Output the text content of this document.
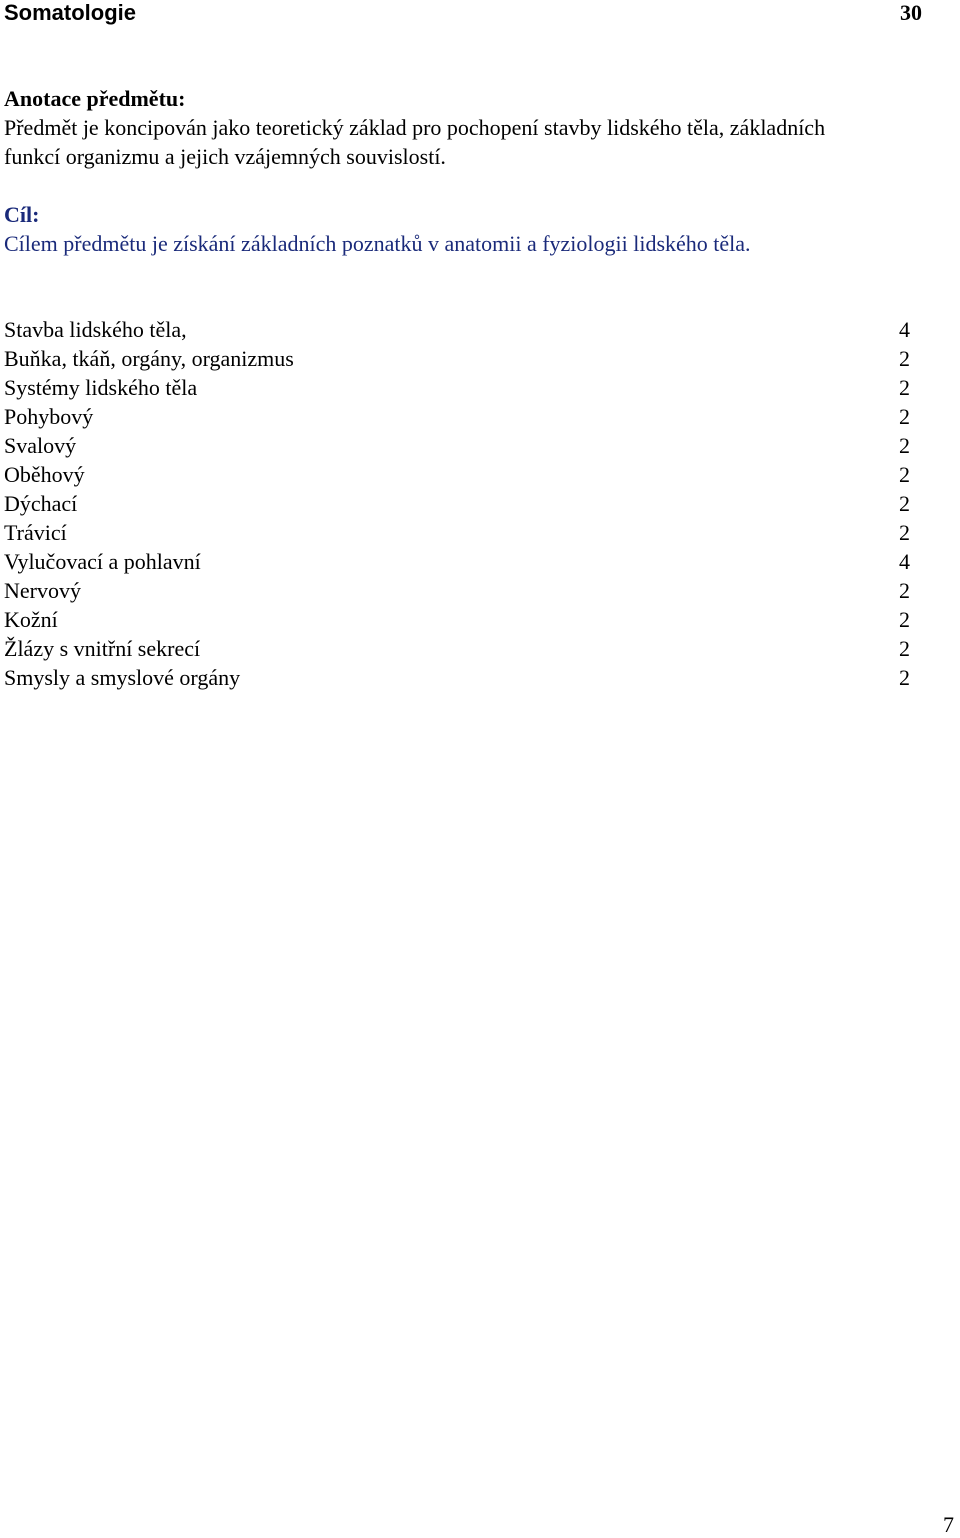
Somatologie	30
Anotace předmětu:
Předmět je koncipován jako teoretický základ pro pochopení stavby lidského těla, základních
funkcí organizmu a jejich vzájemných souvislostí.
Cíl:
Cílem předmětu je získání základních poznatků v anatomii a fyziologii lidského těla.
Stavba lidského těla,	4
Buňka, tkáň, orgány, organizmus	2
Systémy lidského těla	2
Pohybový	2
Svalový	2
Oběhový	2
Dýchací	2
Trávicí	2
Vylučovací a pohlavní	4
Nervový	2
Kožní	2
Žlázy s vnitřní sekrecí	2
Smysly a smyslové orgány	2
7
